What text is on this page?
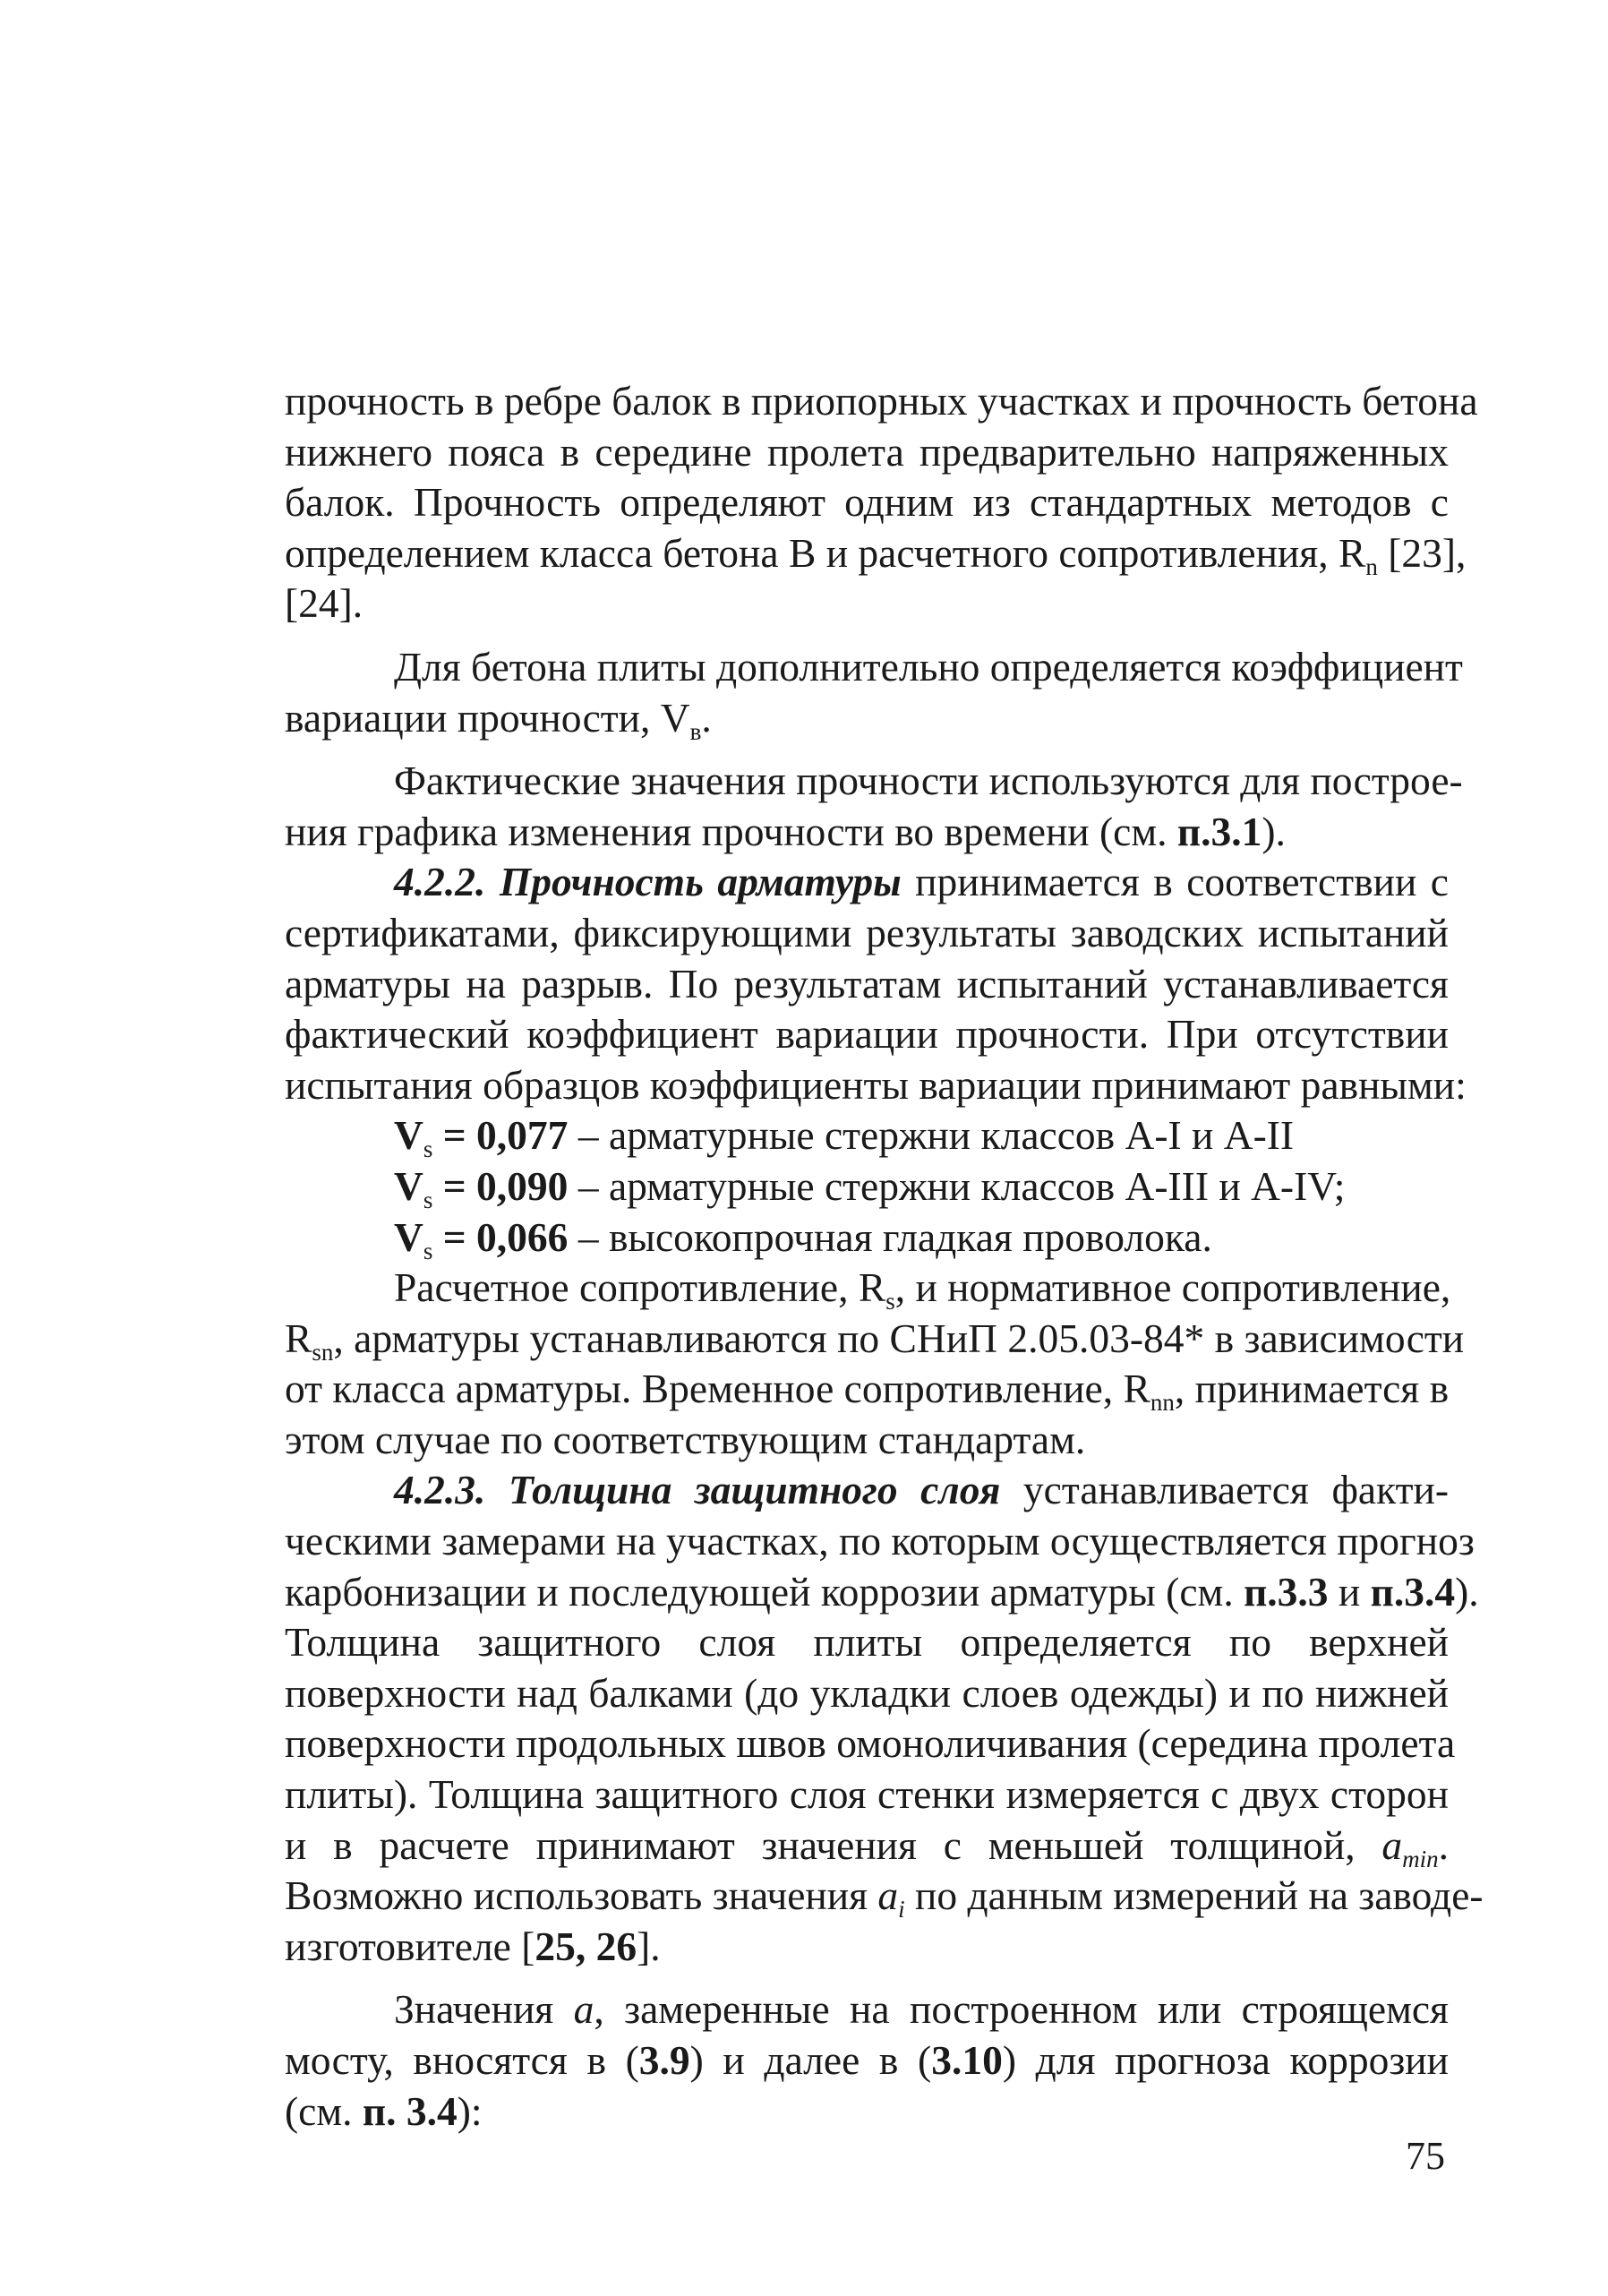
прочность в ребре балок в приопорных участках и прочность бетона
нижнего пояса в середине пролета предварительно напряженных
балок. Прочность определяют одним из стандартных методов с
определением класса бетона В и расчетного сопротивления, $R_n$ [23],
[24].
Для бетона плиты дополнительно определяется коэффициент
вариации прочности, $V_в$.
Фактические значения прочности используются для построе-
ния графика изменения прочности во времени (см. п.3.1).
4.2.2. Прочность арматуры принимается в соответствии с
сертификатами, фиксирующими результаты заводских испытаний
арматуры на разрыв. По результатам испытаний устанавливается
фактический коэффициент вариации прочности. При отсутствии
испытания образцов коэффициенты вариации принимают равными:
$V_s = 0,077$ – арматурные стержни классов А-I и А-II
$V_s = 0,090$ – арматурные стержни классов А-III и А-IV;
$V_s = 0,066$ – высокопрочная гладкая проволока.
Расчетное сопротивление, $R_s$, и нормативное сопротивление,
$R_{sn}$, арматуры устанавливаются по СНиП 2.05.03-84* в зависимости
от класса арматуры. Временное сопротивление, $R_{nn}$, принимается в
этом случае по соответствующим стандартам.
4.2.3. Толщина защитного слоя устанавливается факти-
ческими замерами на участках, по которым осуществляется прогноз
карбонизации и последующей коррозии арматуры (см. п.3.3 и п.3.4).
Толщина защитного слоя плиты определяется по верхней
поверхности над балками (до укладки слоев одежды) и по нижней
поверхности продольных швов омоноличивания (середина пролета
плиты). Толщина защитного слоя стенки измеряется с двух сторон
и в расчете принимают значения с меньшей толщиной, $a_{min}$.
Возможно использовать значения $a_i$ по данным измерений на заводе-
изготовителе [25, 26].
Значения a, замеренные на построенном или строящемся
мосту, вносятся в (3.9) и далее в (3.10) для прогноза коррозии
(см. п. 3.4):
75
